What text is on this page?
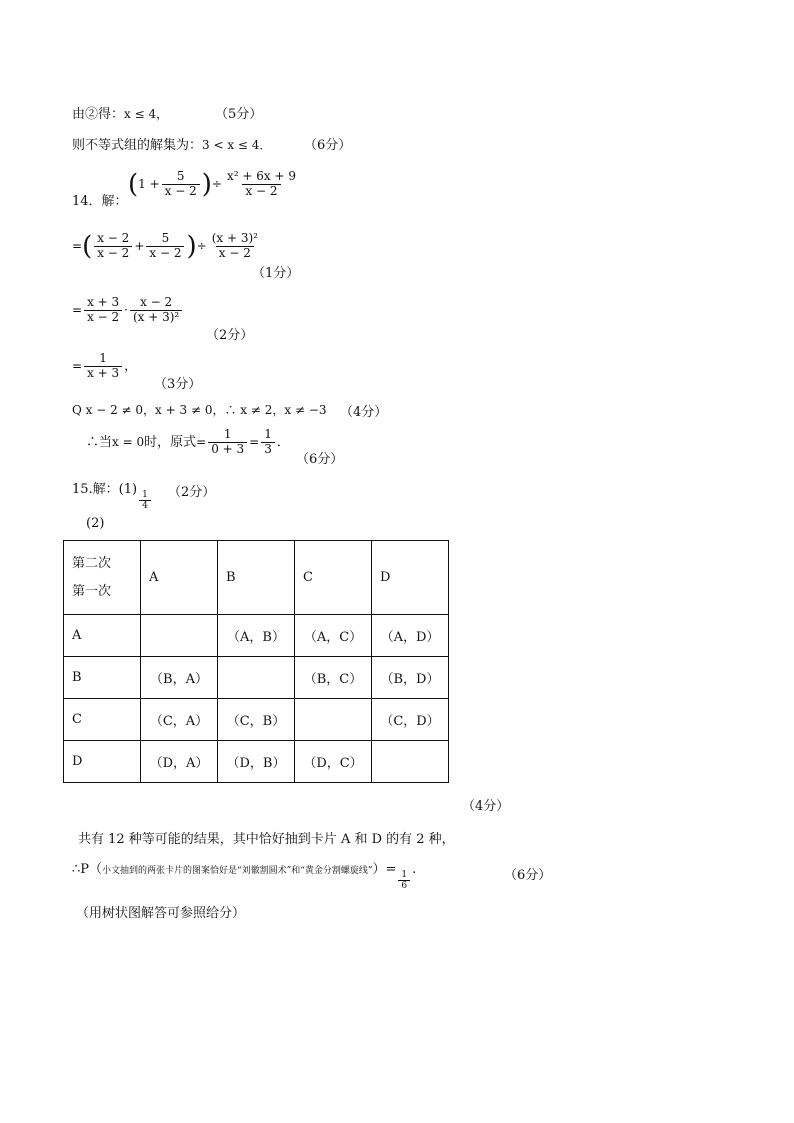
由②得：x ≤ 4，	（5分）
则不等式组的解集为：3 < x ≤ 4．	（6分）
14．解：
($1 + \frac{5}{x - 2}$ )÷ $\frac{\text{x² + 6x + 9}}{x - 2}$
=( $\frac{x - 2}{x - 2} + \frac{5}{x - 2}$ )÷ $\frac{\text{(x + 3)²}}{x - 2}$
（1分）
= $\frac{x + 3}{x - 2} \cdot \frac{x - 2}{\text{(x + 3)²}}$
（2分）
= $\frac{1}{x + 3}$ ，
（3分）
Q x − 2 ≠ 0，x + 3 ≠ 0，∴ x ≠ 2，x ≠ −3 （4分）
∴当x = 0时，原式= $\frac{1}{0 + 3} = \frac{1}{3}$ ．
（6分）
15.解：(1)
$\frac{1}{4} (2$分）
(2)
第二次
第一次	A	B	C	D
A		（A，B）	（A，C）	（A，D）
B	（B，A）		（B，C）	（B，D）
C	（C，A）	（C，B）		（C，D）
D	（D，A）	（D，B）	（D，C）	
（4分）
共有 12 种等可能的结果，其中恰好抽到卡片 A 和 D 的有 2 种，
∴P（小文抽到的两张卡片的图案恰好是“刘徽割圆术”和“黄金分割螺旋线”）=
$\frac{1}{6}$
.	（6分）
（用树状图解答可参照给分）
